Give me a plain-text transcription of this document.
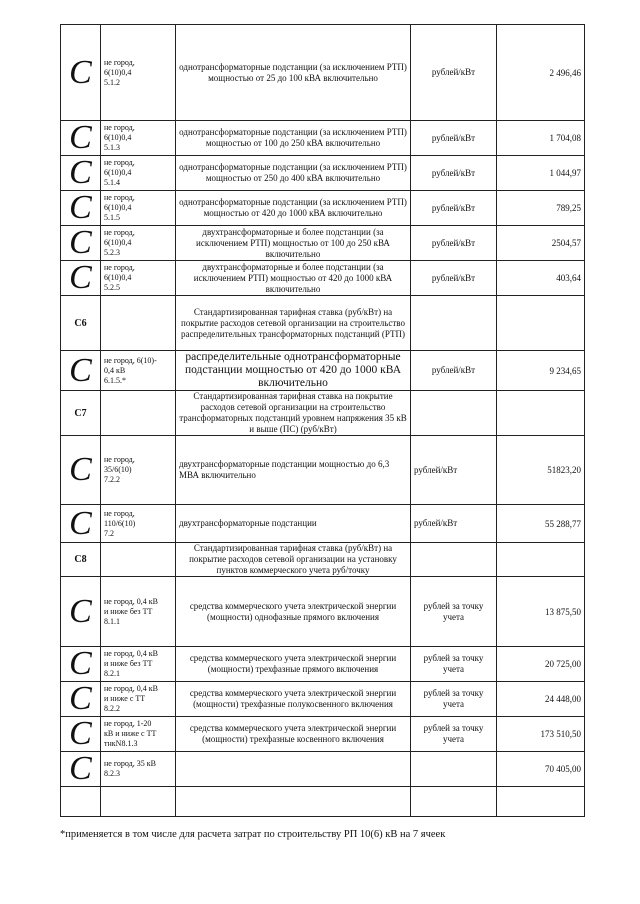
С	не город,
6(10)0,4
5.1.2	однотрансформаторные подстанции (за исключением РТП) мощностью от 25 до 100 кВА включительно	рублей/кВт	2 496,46
С	не город,
6(10)0,4
5.1.3	однотрансформаторные подстанции (за исключением РТП) мощностью от 100 до 250 кВА включительно	рублей/кВт	1 704,08
С	не город,
6(10)0,4
5.1.4	однотрансформаторные подстанции (за исключением РТП) мощностью от 250 до 400 кВА включительно	рублей/кВт	1 044,97
С	не город,
6(10)0,4
5.1.5	однотрансформаторные подстанции (за исключением РТП) мощностью от 420 до 1000 кВА включительно	рублей/кВт	789,25
С	не город,
6(10)0,4
5.2.3	двухтрансформаторные и более подстанции (за исключением РТП) мощностью от 100 до 250 кВА включительно	рублей/кВт	2504,57
С	не город,
6(10)0,4
5.2.5	двухтрансформаторные и более подстанции (за исключением РТП) мощностью от 420 до 1000 кВА включительно	рублей/кВт	403,64
С6		Стандартизированная тарифная ставка (руб/кВт) на покрытие расходов сетевой организации на строительство распределительных трансформаторных подстанций (РТП)		
С	не город, 6(10)-
0,4 кВ
6.1.5.*	распределительные однотрансформаторные подстанции мощностью от 420 до 1000 кВА включительно	рублей/кВт	9 234,65
С7		Стандартизированная тарифная ставка на покрытие расходов сетевой организации на строительство трансформаторных подстанций уровнем напряжения 35 кВ и выше (ПС) (руб/кВт)		
С	не город,
35/6(10)
7.2.2	двухтрансформаторные подстанции мощностью до 6,3 МВА включительно	рублей/кВт	51823,20
С	не город,
110/6(10)
7.2	двухтрансформаторные подстанции	рублей/кВт	55 288,77
С8		Стандартизированная тарифная ставка (руб/кВт) на покрытие расходов сетевой организации на установку пунктов коммерческого учета руб/точку		
С	не город, 0,4 кВ
и ниже без ТТ
8.1.1	средства коммерческого учета электрической энергии (мощности) однофазные прямого включения	рублей за точку учета	13 875,50
С	не город, 0,4 кВ
и ниже без ТТ
8.2.1	средства коммерческого учета электрической энергии (мощности) трехфазные прямого включения	рублей за точку учета	20 725,00
С	не город, 0,4 кВ
и ниже с ТТ
8.2.2	средства коммерческого учета электрической энергии (мощности) трехфазные полукосвенного включения	рублей за точку учета	24 448,00
С	не город, 1-20
кВ и ниже с ТТ
тнкN8.1.3	средства коммерческого учета электрической энергии (мощности) трехфазные косвенного включения	рублей за точку учета	173 510,50
С	не город, 35 кВ
8.2.3			70 405,00

*применяется в том числе для расчета затрат по строительству РП 10(6) кВ на 7 ячеек
